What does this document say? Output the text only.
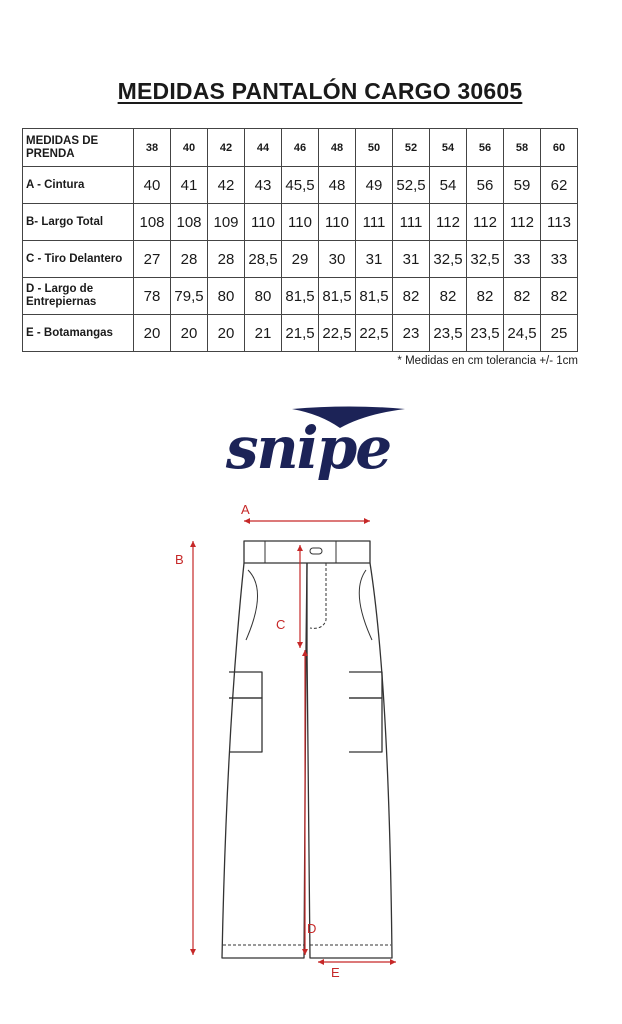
MEDIDAS PANTALÓN CARGO 30605
MEDIDAS DE PRENDA	38	40	42	44	46	48	50	52	54	56	58	60
A - Cintura	40	41	42	43	45,5	48	49	52,5	54	56	59	62
B- Largo Total	108	108	109	110	110	110	111	111	112	112	112	113
C - Tiro Delantero	27	28	28	28,5	29	30	31	31	32,5	32,5	33	33
D - Largo de Entrepiernas	78	79,5	80	80	81,5	81,5	81,5	82	82	82	82	82
E - Botamangas	20	20	20	21	21,5	22,5	22,5	23	23,5	23,5	24,5	25
* Medidas en cm tolerancia +/- 1cm
snipe
A
B
C
D
E
